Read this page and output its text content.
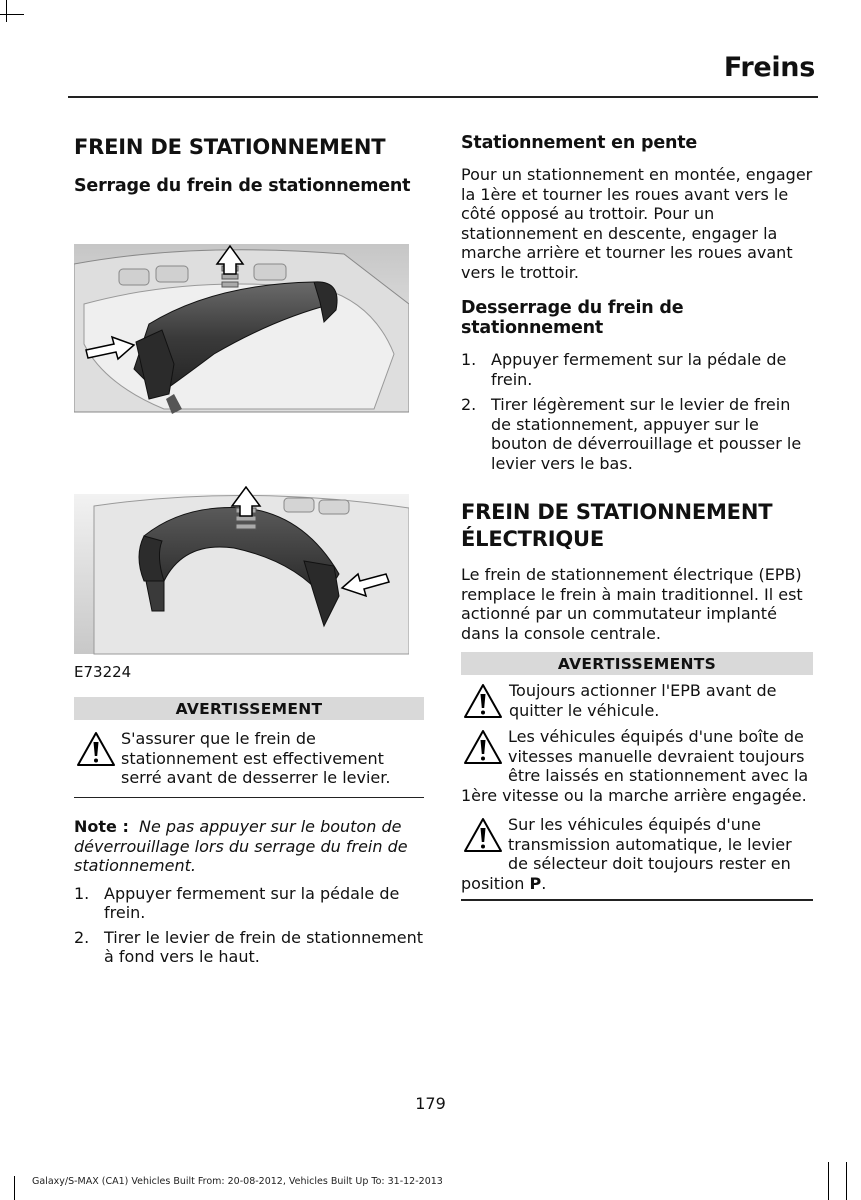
Freins
FREIN DE STATIONNEMENT
Serrage du frein de stationnement
E73224
AVERTISSEMENT
S'assurer que le frein de stationnement est effectivement serré avant de desserrer le levier.

Note : Ne pas appuyer sur le bouton de déverrouillage lors du serrage du frein de stationnement.

1. Appuyer fermement sur la pédale de frein.
2. Tirer le levier de frein de stationnement à fond vers le haut.
Stationnement en pente

Pour un stationnement en montée, engager la 1ère et tourner les roues avant vers le côté opposé au trottoir. Pour un stationnement en descente, engager la marche arrière et tourner les roues avant vers le trottoir.

Desserrage du frein de stationnement
1. Appuyer fermement sur la pédale de frein.
2. Tirer légèrement sur le levier de frein de stationnement, appuyer sur le bouton de déverrouillage et pousser le levier vers le bas.
FREIN DE STATIONNEMENT ÉLECTRIQUE

Le frein de stationnement électrique (EPB) remplace le frein à main traditionnel. Il est actionné par un commutateur implanté dans la console centrale.

AVERTISSEMENTS
Toujours actionner l'EPB avant de quitter le véhicule.
Les véhicules équipés d'une boîte de vitesses manuelle devraient toujours être laissés en stationnement avec la 1ère vitesse ou la marche arrière engagée.
Sur les véhicules équipés d'une transmission automatique, le levier de sélecteur doit toujours rester en position P.
179
Galaxy/S-MAX (CA1) Vehicles Built From: 20-08-2012, Vehicles Built Up To: 31-12-2013
